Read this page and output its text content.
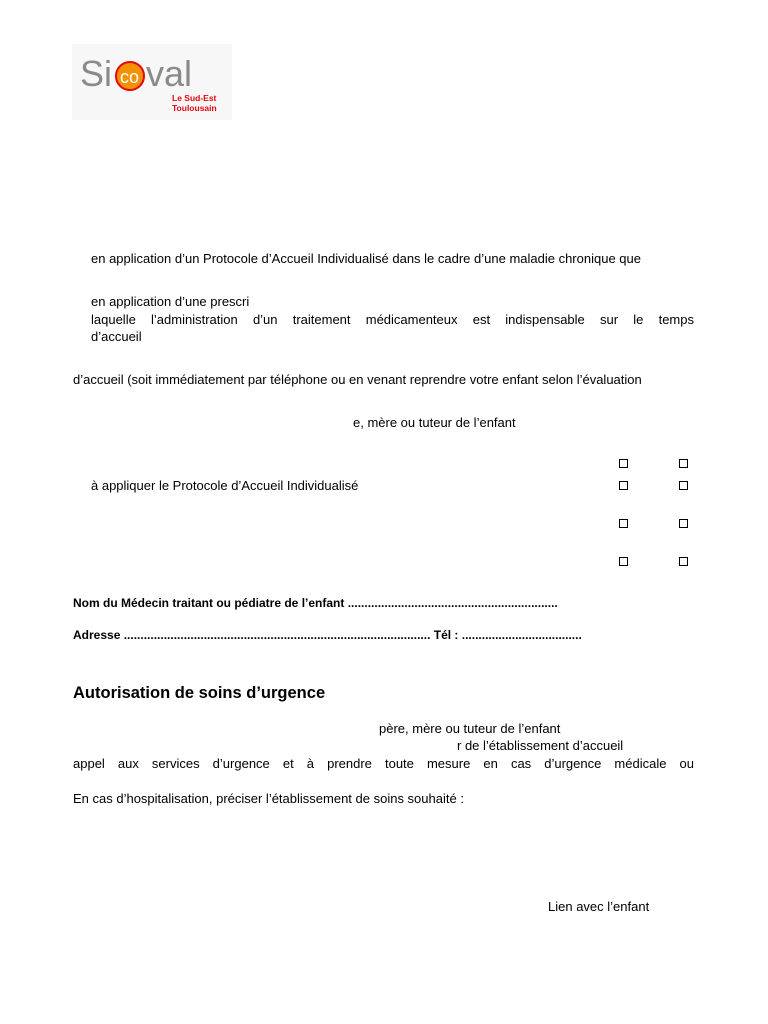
Si co val
Le Sud-Est
Toulousain
en application d’un Protocole d’Accueil Individualisé dans le cadre d’une maladie chronique que
en application d’une prescri
laquelle l’administration d’un traitement médicamenteux est indispensable sur le temps
d’accueil
d’accueil (soit immédiatement par téléphone ou en venant reprendre votre enfant selon l’évaluation
e, mère ou tuteur de l’enfant
à appliquer le Protocole d’Accueil Individualisé
Nom du Médecin traitant ou pédiatre de l’enfant ...............................................................
Adresse ............................................................................................ Tél : ....................................
Autorisation de soins d’urgence
père, mère ou tuteur de l’enfant
r de l’établissement d’accueil
appel aux services d’urgence et à prendre toute mesure en cas d’urgence médicale ou
En cas d’hospitalisation, préciser l’établissement de soins souhaité :
Lien avec l’enfant
